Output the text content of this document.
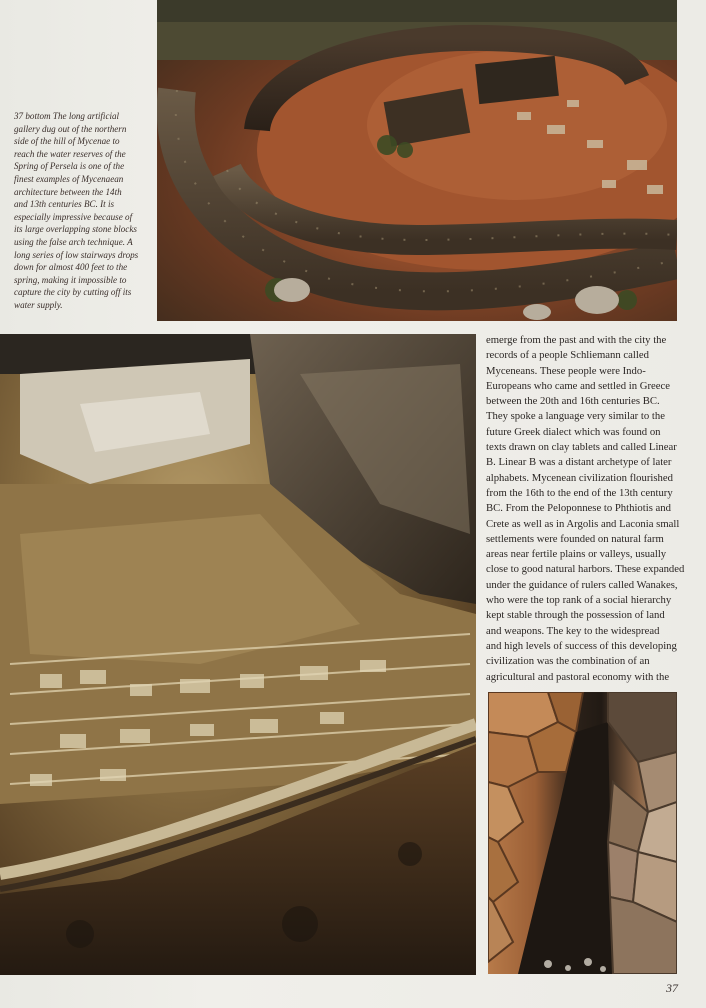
37 bottom The long artificial
gallery dug out of the northern
side of the hill of Mycenae to
reach the water reserves of the
Spring of Persela is one of the
finest examples of Mycenaean
architecture between the 14th
and 13th centuries BC. It is
especially impressive because of
its large overlapping stone blocks
using the false arch technique. A
long series of low stairways drops
down for almost 400 feet to the
spring, making it impossible to
capture the city by cutting off its
water supply.

emerge from the past and with the city the
records of a people Schliemann called
Myceneans. These people were Indo-
Europeans who came and settled in Greece
between the 20th and 16th centuries BC.
They spoke a language very similar to the
future Greek dialect which was found on
texts drawn on clay tablets and called Linear
B. Linear B was a distant archetype of later
alphabets. Mycenean civilization flourished
from the 16th to the end of the 13th century
BC. From the Peloponnese to Phthiotis and
Crete as well as in Argolis and Laconia small
settlements were founded on natural farm
areas near fertile plains or valleys, usually
close to good natural harbors. These expanded
under the guidance of rulers called Wanakes,
who were the top rank of a social hierarchy
kept stable through the possession of land
and weapons. The key to the widespread
and high levels of success of this developing
civilization was the combination of an
agricultural and pastoral economy with the

37
